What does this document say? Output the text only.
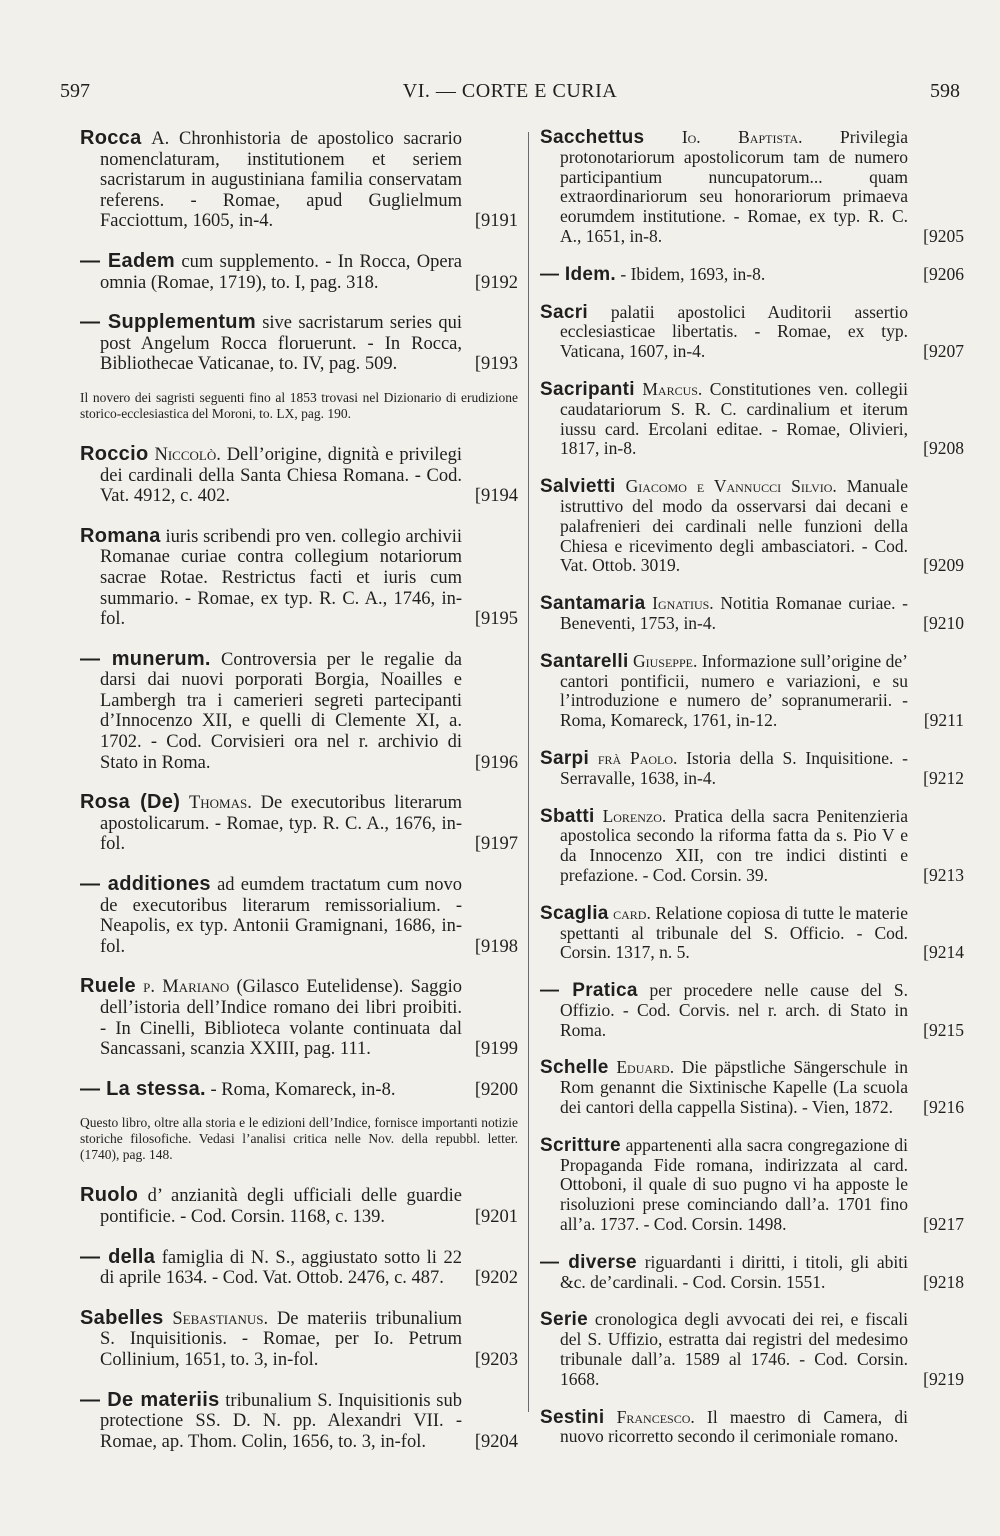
597	VI. — CORTE E CURIA	598
Rocca A. Chronhistoria de apostolico sacrario nomenclaturam, institutionem et seriem sacristarum in augustiniana familia conservatam referens. - Romae, apud Guglielmum Facciottum, 1605, in-4.	[9191
— Eadem cum supplemento. - In Rocca, Opera omnia (Romae, 1719), to. I, pag. 318.	[9192
— Supplementum sive sacristarum series qui post Angelum Rocca floruerunt. - In Rocca, Bibliothecae Vaticanae, to. IV, pag. 509.	[9193
Il novero dei sagristi seguenti fino al 1853 trovasi nel Dizionario di erudizione storico-ecclesiastica del Moroni, to. LX, pag. 190.
Roccio Niccolò. Dell’origine, dignità e privilegi dei cardinali della Santa Chiesa Romana. - Cod. Vat. 4912, c. 402.	[9194
Romana iuris scribendi pro ven. collegio archivii Romanae curiae contra collegium notariorum sacrae Rotae. Restrictus facti et iuris cum summario. - Romae, ex typ. R. C. A., 1746, in-fol.	[9195
— munerum. Controversia per le regalie da darsi dai nuovi porporati Borgia, Noailles e Lambergh tra i camerieri segreti partecipanti d’Innocenzo XII, e quelli di Clemente XI, a. 1702. - Cod. Corvisieri ora nel r. archivio di Stato in Roma.	[9196
Rosa (De) Thomas. De executoribus literarum apostolicarum. - Romae, typ. R. C. A., 1676, in-fol.	[9197
— additiones ad eumdem tractatum cum novo de executoribus literarum remissorialium. - Neapolis, ex typ. Antonii Gramignani, 1686, in-fol.	[9198
Ruele p. Mariano (Gilasco Eutelidense). Saggio dell’istoria dell’Indice romano dei libri proibiti. - In Cinelli, Biblioteca volante continuata dal Sancassani, scanzia XXIII, pag. 111.	[9199
— La stessa. - Roma, Komareck, in-8.	[9200
Questo libro, oltre alla storia e le edizioni dell’Indice, fornisce importanti notizie storiche filosofiche. Vedasi l’analisi critica nelle Nov. della repubbl. letter. (1740), pag. 148.
Ruolo d’ anzianità degli ufficiali delle guardie pontificie. - Cod. Corsin. 1168, c. 139.	[9201
— della famiglia di N. S., aggiustato sotto li 22 di aprile 1634. - Cod. Vat. Ottob. 2476, c. 487.	[9202
Sabelles Sebastianus. De materiis tribunalium S. Inquisitionis. - Romae, per Io. Petrum Collinium, 1651, to. 3, in-fol.	[9203
— De materiis tribunalium S. Inquisitionis sub protectione SS. D. N. pp. Alexandri VII. - Romae, ap. Thom. Colin, 1656, to. 3, in-fol.	[9204
Sacchettus Io. Baptista. Privilegia protonotariorum apostolicorum tam de numero participantium nuncupatorum... quam extraordinariorum seu honorariorum primaeva eorumdem institutione. - Romae, ex typ. R. C. A., 1651, in-8.	[9205
— Idem. - Ibidem, 1693, in-8.	[9206
Sacri palatii apostolici Auditorii assertio ecclesiasticae libertatis. - Romae, ex typ. Vaticana, 1607, in-4.	[9207
Sacripanti Marcus. Constitutiones ven. collegii caudatariorum S. R. C. cardinalium et iterum iussu card. Ercolani editae. - Romae, Olivieri, 1817, in-8.	[9208
Salvietti Giacomo e Vannucci Silvio. Manuale istruttivo del modo da osservarsi dai decani e palafrenieri dei cardinali nelle funzioni della Chiesa e ricevimento degli ambasciatori. - Cod. Vat. Ottob. 3019.	[9209
Santamaria Ignatius. Notitia Romanae curiae. - Beneventi, 1753, in-4.	[9210
Santarelli Giuseppe. Informazione sull’origine de’ cantori pontificii, numero e variazioni, e su l’introduzione e numero de’ sopranumerarii. - Roma, Komareck, 1761, in-12.	[9211
Sarpi frà Paolo. Istoria della S. Inquisitione. - Serravalle, 1638, in-4.	[9212
Sbatti Lorenzo. Pratica della sacra Penitenzieria apostolica secondo la riforma fatta da s. Pio V e da Innocenzo XII, con tre indici distinti e prefazione. - Cod. Corsin. 39.	[9213
Scaglia card. Relatione copiosa di tutte le materie spettanti al tribunale del S. Officio. - Cod. Corsin. 1317, n. 5.	[9214
— Pratica per procedere nelle cause del S. Offizio. - Cod. Corvis. nel r. arch. di Stato in Roma.	[9215
Schelle Eduard. Die päpstliche Sängerschule in Rom genannt die Sixtinische Kapelle (La scuola dei cantori della cappella Sistina). - Vien, 1872.	[9216
Scritture appartenenti alla sacra congregazione di Propaganda Fide romana, indirizzata al card. Ottoboni, il quale di suo pugno vi ha apposte le risoluzioni prese cominciando dall’a. 1701 fino all’a. 1737. - Cod. Corsin. 1498.	[9217
— diverse riguardanti i diritti, i titoli, gli abiti &c. de’cardinali. - Cod. Corsin. 1551.	[9218
Serie cronologica degli avvocati dei rei, e fiscali del S. Uffizio, estratta dai registri del medesimo tribunale dall’a. 1589 al 1746. - Cod. Corsin. 1668.	[9219
Sestini Francesco. Il maestro di Camera, di nuovo ricorretto secondo il cerimoniale romano.
